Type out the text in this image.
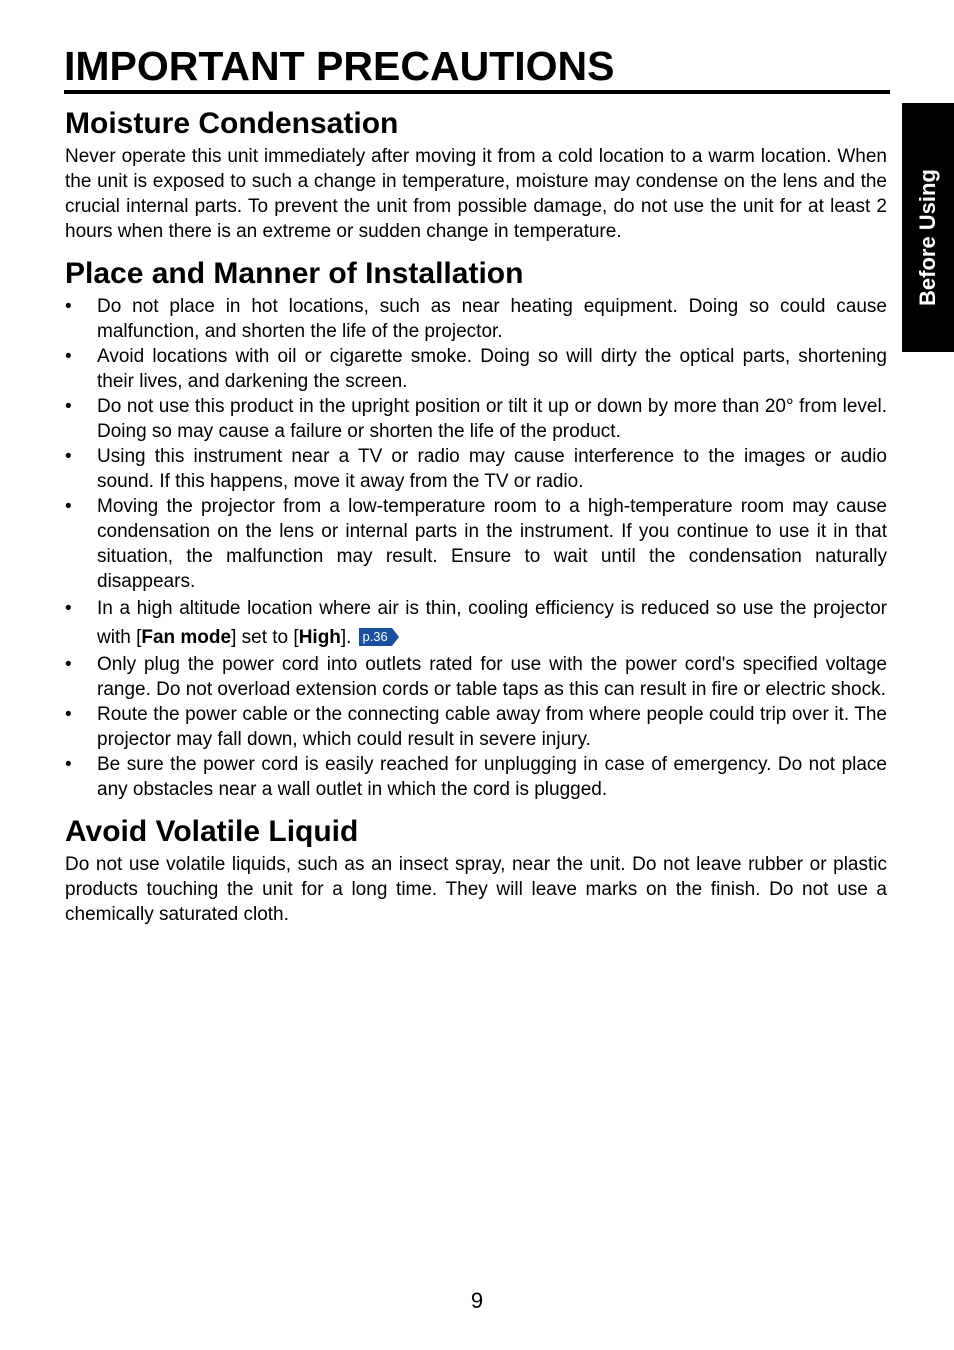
IMPORTANT PRECAUTIONS
Before Using
Moisture Condensation

Never operate this unit immediately after moving it from a cold location to a warm location. When the unit is exposed to such a change in temperature, moisture may condense on the lens and the crucial internal parts. To prevent the unit from possible damage, do not use the unit for at least 2 hours when there is an extreme or sudden change in temperature.

Place and Manner of Installation
•	Do not place in hot locations, such as near heating equipment. Doing so could cause malfunction, and shorten the life of the projector.
•	Avoid locations with oil or cigarette smoke. Doing so will dirty the optical parts, shortening their lives, and darkening the screen.
•	Do not use this product in the upright position or tilt it up or down by more than 20° from level. Doing so may cause a failure or shorten the life of the product.
•	Using this instrument near a TV or radio may cause interference to the images or audio sound. If this happens, move it away from the TV or radio.
•	Moving the projector from a low-temperature room to a high-temperature room may cause condensation on the lens or internal parts in the instrument. If you continue to use it in that situation, the malfunction may result. Ensure to wait until the condensation naturally disappears.
•	In a high altitude location where air is thin, cooling efficiency is reduced so use the projector with [Fan mode] set to [High]. p.36
•	Only plug the power cord into outlets rated for use with the power cord's specified voltage range. Do not overload extension cords or table taps as this can result in fire or electric shock.
•	Route the power cable or the connecting cable away from where people could trip over it. The projector may fall down, which could result in severe injury.
•	Be sure the power cord is easily reached for unplugging in case of emergency. Do not place any obstacles near a wall outlet in which the cord is plugged.
Avoid Volatile Liquid

Do not use volatile liquids, such as an insect spray, near the unit. Do not leave rubber or plastic products touching the unit for a long time. They will leave marks on the finish. Do not use a chemically saturated cloth.

9
